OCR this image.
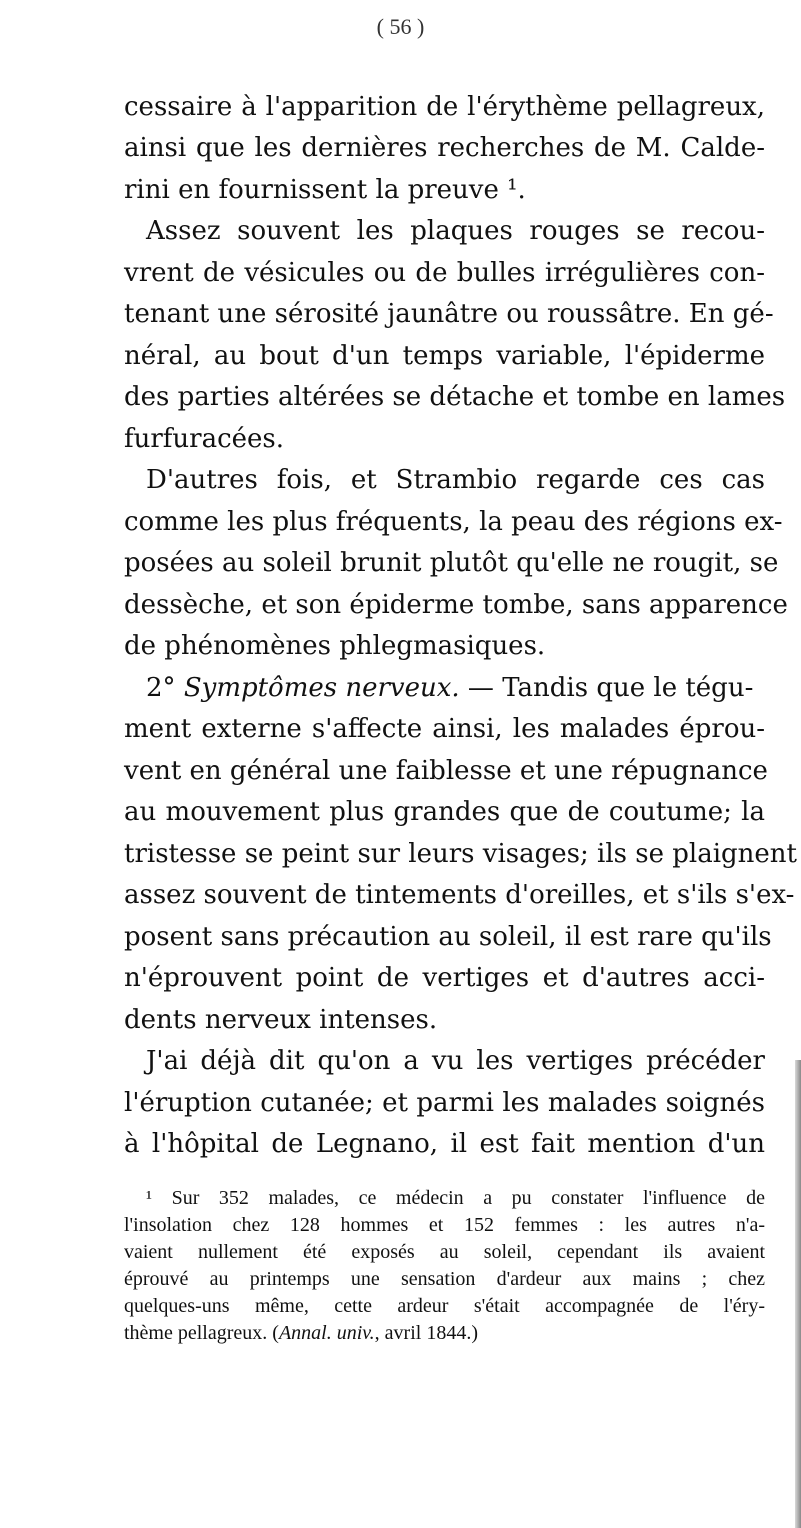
( 56 )
cessaire à l'apparition de l'érythème pellagreux,
ainsi que les dernières recherches de M. Calde-
rini en fournissent la preuve ¹.
Assez souvent les plaques rouges se recou-
vrent de vésicules ou de bulles irrégulières con-
tenant une sérosité jaunâtre ou roussâtre. En gé-
néral, au bout d'un temps variable, l'épiderme
des parties altérées se détache et tombe en lames
furfuracées.
D'autres fois, et Strambio regarde ces cas
comme les plus fréquents, la peau des régions ex-
posées au soleil brunit plutôt qu'elle ne rougit, se
dessèche, et son épiderme tombe, sans apparence
de phénomènes phlegmasiques.
2° Symptômes nerveux. — Tandis que le tégu-
ment externe s'affecte ainsi, les malades éprou-
vent en général une faiblesse et une répugnance
au mouvement plus grandes que de coutume; la
tristesse se peint sur leurs visages; ils se plaignent
assez souvent de tintements d'oreilles, et s'ils s'ex-
posent sans précaution au soleil, il est rare qu'ils
n'éprouvent point de vertiges et d'autres acci-
dents nerveux intenses.
J'ai déjà dit qu'on a vu les vertiges précéder
l'éruption cutanée; et parmi les malades soignés
à l'hôpital de Legnano, il est fait mention d'un
¹ Sur 352 malades, ce médecin a pu constater l'influence de
l'insolation chez 128 hommes et 152 femmes : les autres n'a-
vaient nullement été exposés au soleil, cependant ils avaient
éprouvé au printemps une sensation d'ardeur aux mains ; chez
quelques-uns même, cette ardeur s'était accompagnée de l'éry-
thème pellagreux. (Annal. univ., avril 1844.)
